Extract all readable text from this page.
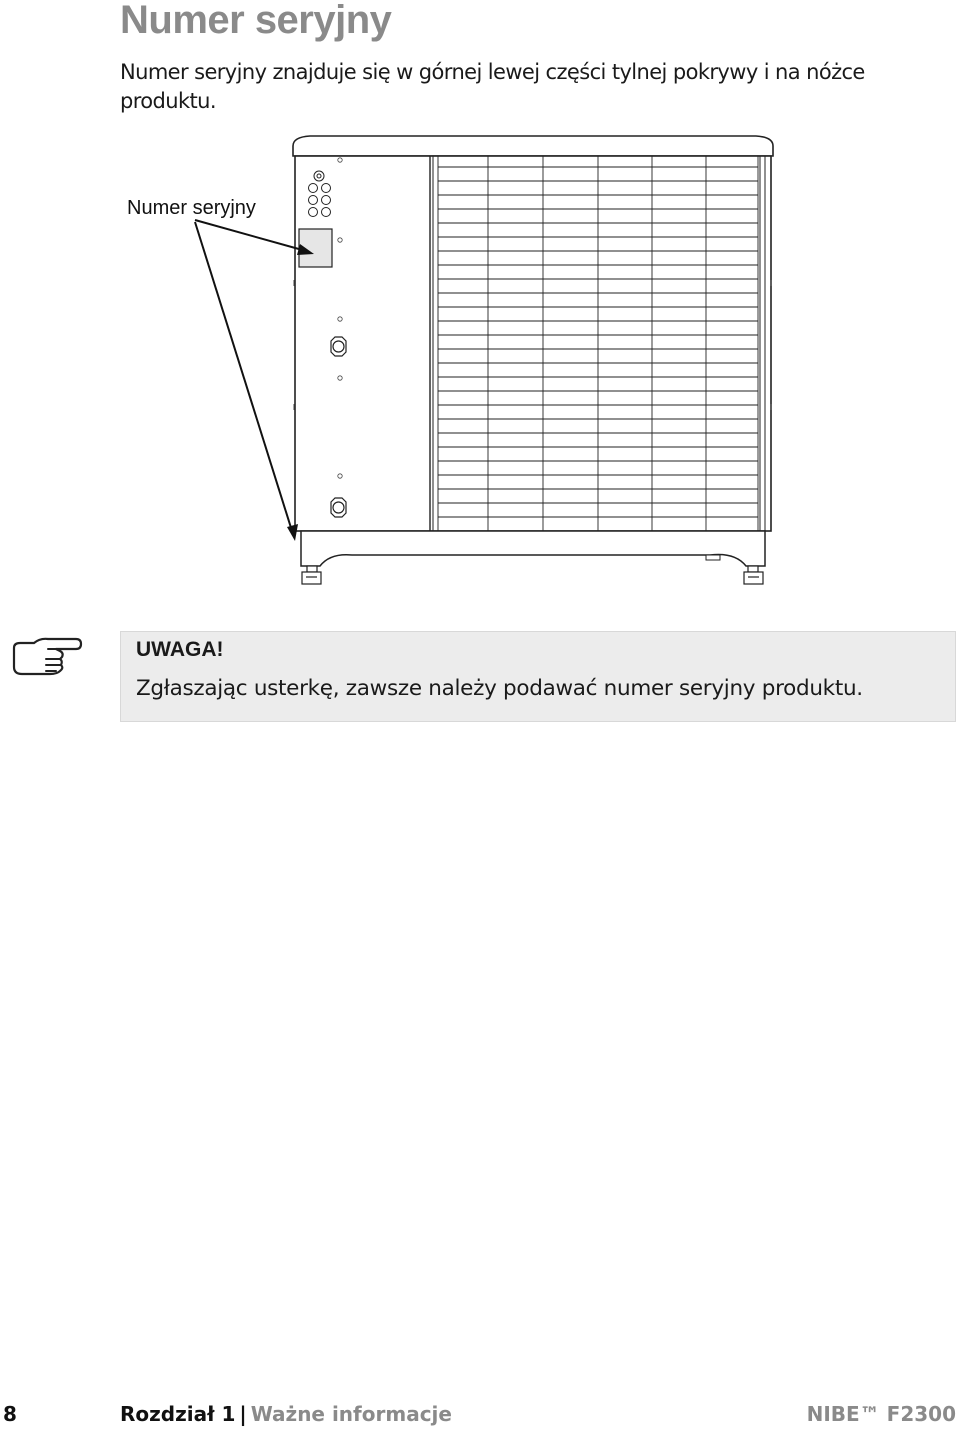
Numer seryjny

Numer seryjny znajduje się w górnej lewej części tylnej pokrywy i na nóżce produktu.

Numer seryjny
UWAGA!
Zgłaszając usterkę, zawsze należy podawać numer seryjny produktu.
8	Rozdział 1 | Ważne informacje	NIBE™ F2300
